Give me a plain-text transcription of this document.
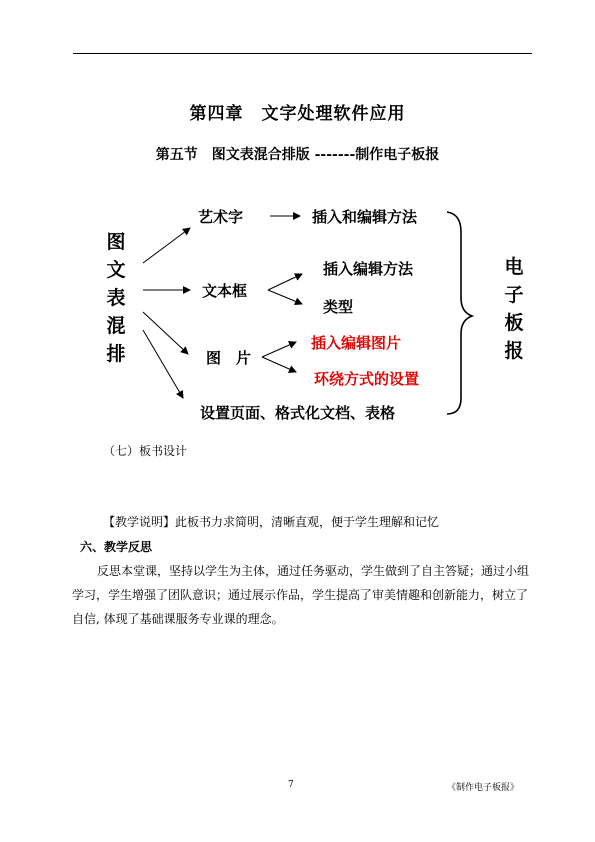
第四章　文字处理软件应用
第五节　图文表混合排版 -------制作电子板报
图
文
表
混
排
电
子
板
报
艺术字	插入和编辑方法
文本框
插入编辑方法
类型
图　片
插入编辑图片
环绕方式的设置
设置页面、格式化文档、表格
（七）板书设计
【教学说明】此板书力求简明，清晰直观，便于学生理解和记忆
六、教学反思
反思本堂课，坚持以学生为主体，通过任务驱动，学生做到了自主答疑；通过小组
学习，学生增强了团队意识；通过展示作品，学生提高了审美情趣和创新能力，树立了
自信, 体现了基础课服务专业课的理念。
7	《制作电子板报》
